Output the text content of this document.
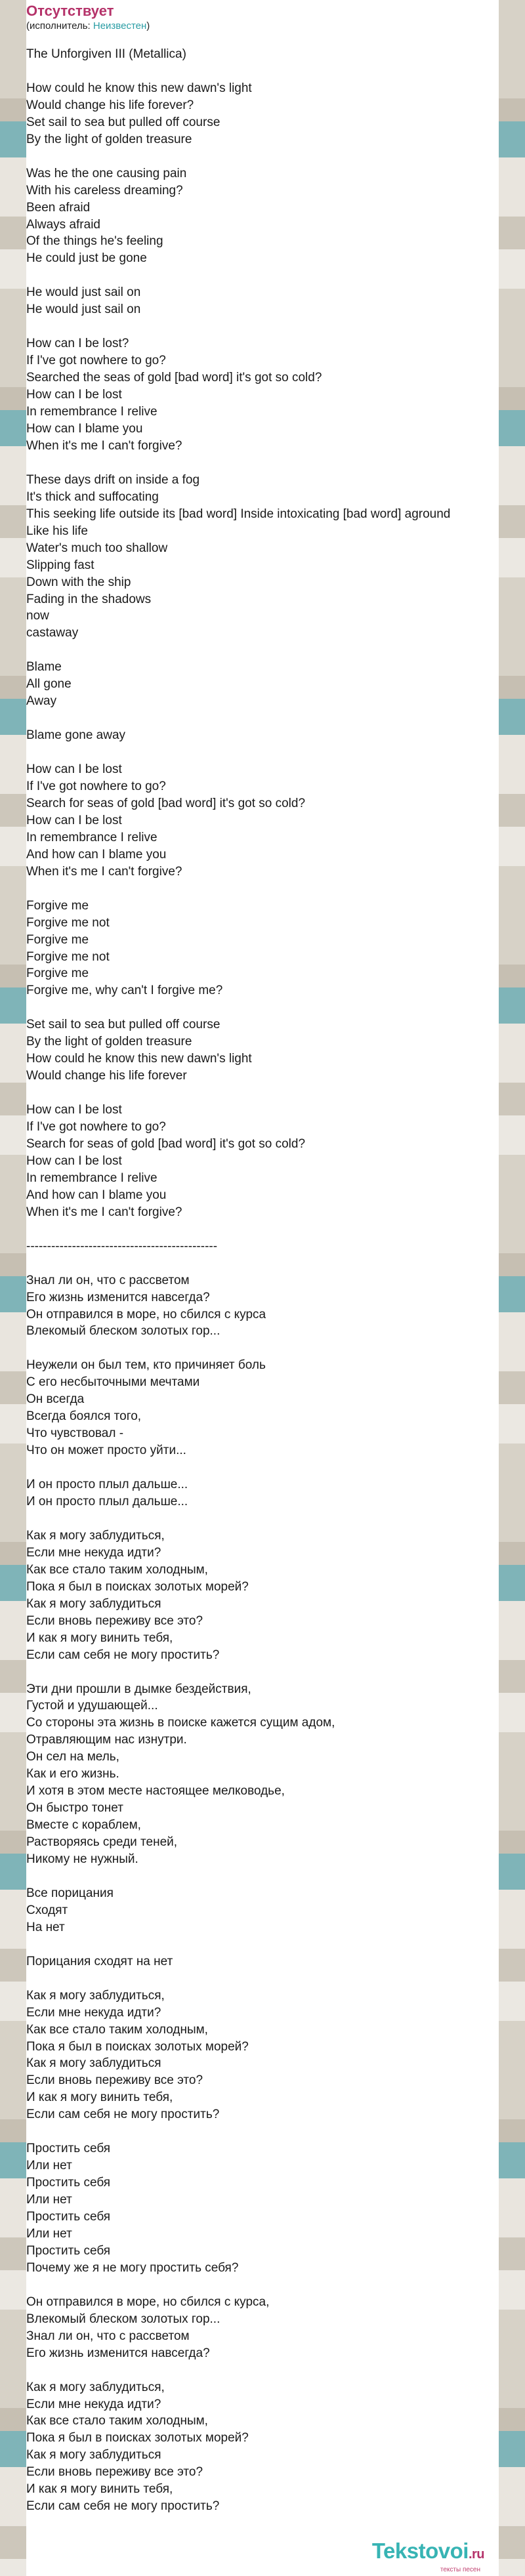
Отсутствует
(исполнитель: Неизвестен)
The Unforgiven III (Metallica)

How could he know this new dawn's light
Would change his life forever?
Set sail to sea but pulled off course
By the light of golden treasure

Was he the one causing pain
With his careless dreaming?
Been afraid
Always afraid
Of the things he's feeling
He could just be gone

He would just sail on
He would just sail on

How can I be lost?
If I've got nowhere to go?
Searched the seas of gold [bad word] it's got so cold?
How can I be lost
In remembrance I relive
How can I blame you
When it's me I can't forgive?

These days drift on inside a fog
It's thick and suffocating
This seeking life outside its [bad word] Inside intoxicating [bad word] aground
Like his life
Water's much too shallow
Slipping fast
Down with the ship
Fading in the shadows
now
castaway

Blame
All gone
Away

Blame gone away

How can I be lost
If I've got nowhere to go?
Search for seas of gold [bad word] it's got so cold?
How can I be lost
In remembrance I relive
And how can I blame you
When it's me I can't forgive?

Forgive me
Forgive me not
Forgive me
Forgive me not
Forgive me
Forgive me, why can't I forgive me?

Set sail to sea but pulled off course
By the light of golden treasure
How could he know this new dawn's light
Would change his life forever

How can I be lost
If I've got nowhere to go?
Search for seas of gold [bad word] it's got so cold?
How can I be lost
In remembrance I relive
And how can I blame you
When it's me I can't forgive?

----------------------------------------------

Знал ли он, что с рассветом
Его жизнь изменится навсегда?
Он отправился в море, но сбился с курса
Влекомый блеском золотых гор...

Неужели он был тем, кто причиняет боль
С его несбыточными мечтами
Он всегда
Всегда боялся того,
Что чувствовал -
Что он может просто уйти...

И он просто плыл дальше...
И он просто плыл дальше...

Как я могу заблудиться,
Если мне некуда идти?
Как все стало таким холодным,
Пока я был в поисках золотых морей?
Как я могу заблудиться
Если вновь переживу все это?
И как я могу винить тебя,
Если сам себя не могу простить?

Эти дни прошли в дымке бездействия,
Густой и удушающей...
Со стороны эта жизнь в поиске кажется сущим адом,
Отравляющим нас изнутри.
Он сел на мель,
Как и его жизнь.
И хотя в этом месте настоящее мелководье,
Он быстро тонет
Вместе с кораблем,
Растворяясь среди теней,
Никому не нужный.

Все порицания
Сходят
На нет

Порицания сходят на нет

Как я могу заблудиться,
Если мне некуда идти?
Как все стало таким холодным,
Пока я был в поисках золотых морей?
Как я могу заблудиться
Если вновь переживу все это?
И как я могу винить тебя,
Если сам себя не могу простить?

Простить себя
Или нет
Простить себя
Или нет
Простить себя
Или нет
Простить себя
Почему же я не могу простить себя?

Он отправился в море, но сбился с курса,
Влекомый блеском золотых гор...
Знал ли он, что с рассветом
Его жизнь изменится навсегда?

Как я могу заблудиться,
Если мне некуда идти?
Как все стало таким холодным,
Пока я был в поисках золотых морей?
Как я могу заблудиться
Если вновь переживу все это?
И как я могу винить тебя,
Если сам себя не могу простить?
Tekstovoi.ru
тексты песен
